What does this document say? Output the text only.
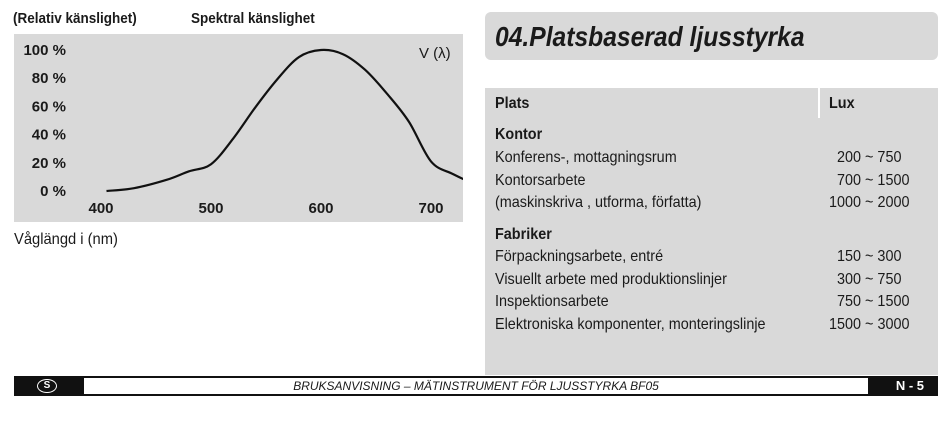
(Relativ känslighet)	Spektral känslighet
100 %
80 %
60 %
40 %
20 %
0 %
400	500	600	700
V (λ)
Våglängd i (nm)
04.Platsbaserad ljusstyrka
Plats	Lux
Kontor
Konferens-, mottagningsrum	200 ~ 750
Kontorsarbete	700 ~ 1500
(maskinskriva , utforma, författa)	1000 ~ 2000
Fabriker
Förpackningsarbete, entré	150 ~ 300
Visuellt arbete med produktionslinjer	300 ~ 750
Inspektionsarbete	750 ~ 1500
Elektroniska komponenter, monteringslinje	1500 ~ 3000
S	BRUKSANVISNING – MÄTINSTRUMENT FÖR LJUSSTYRKA BF05	N - 5
